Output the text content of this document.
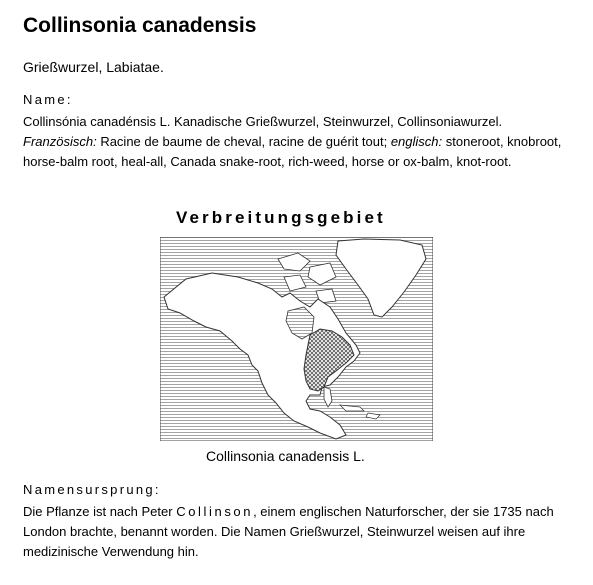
Collinsonia canadensis
Grießwurzel, Labiatae.
Name:
Collinsónia canadénsis L. Kanadische Grießwurzel, Steinwurzel, Collinsoniawurzel.
Französisch: Racine de baume de cheval, racine de guérit tout; englisch: stoneroot, knobroot, horse-balm root, heal-all, Canada snake-root, rich-weed, horse or ox-balm, knot-root.
Verbreitungsgebiet
Collinsonia canadensis L.
Namensursprung:
Die Pflanze ist nach Peter Collinson, einem englischen Naturforscher, der sie 1735 nach London brachte, benannt worden. Die Namen Grießwurzel, Steinwurzel weisen auf ihre medizinische Verwendung hin.
